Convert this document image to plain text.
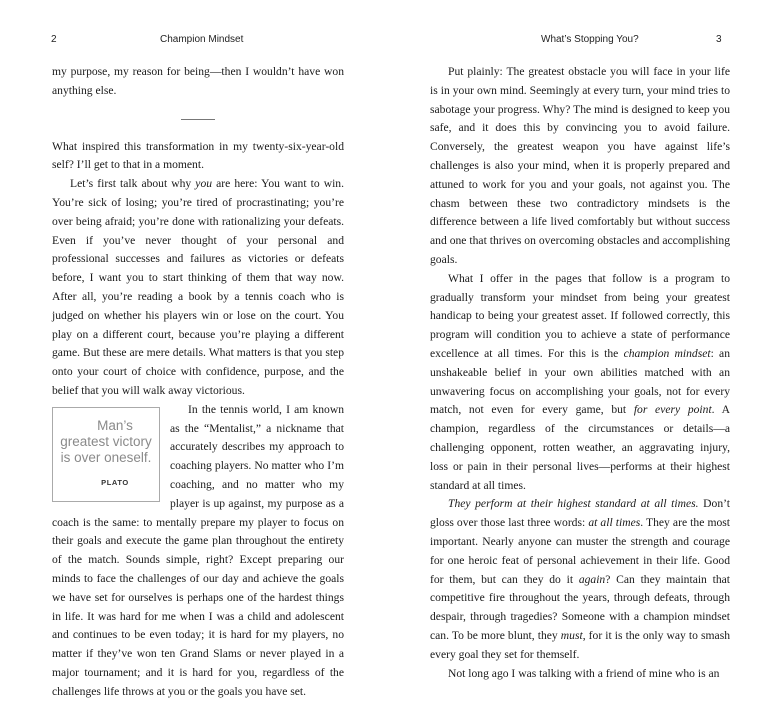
2	Champion Mindset

my purpose, my reason for being—then I wouldn’t have won anything else.

What inspired this transformation in my twenty-six-year-old self? I’ll get to that in a moment.

Let’s first talk about why you are here: You want to win. You’re sick of losing; you’re tired of procrastinating; you’re over being afraid; you’re done with rationalizing your defeats. Even if you’ve never thought of your personal and professional successes and failures as victories or defeats before, I want you to start thinking of them that way now. After all, you’re reading a book by a tennis coach who is judged on whether his players win or lose on the court. You play on a different court, because you’re playing a different game. But these are mere details. What matters is that you step onto your court of choice with confidence, purpose, and the belief that you will walk away victorious.

Man’s greatest victory is over oneself.
PLATO
In the tennis world, I am known as the “Mentalist,” a nickname that accurately describes my approach to coaching players. No matter who I’m coaching, and no matter who my player is up against, my purpose as a coach is the same: to mentally prepare my player to focus on their goals and execute the game plan throughout the entirety of the match. Sounds simple, right? Except preparing our minds to face the challenges of our day and achieve the goals we have set for ourselves is perhaps one of the hardest things in life. It was hard for me when I was a child and adolescent and continues to be even today; it is hard for my players, no matter if they’ve won ten Grand Slams or never played in a major tournament; and it is hard for you, regardless of the challenges life throws at you or the goals you have set.

What’s Stopping You?	3

Put plainly: The greatest obstacle you will face in your life is in your own mind. Seemingly at every turn, your mind tries to sabotage your progress. Why? The mind is designed to keep you safe, and it does this by convincing you to avoid failure. Conversely, the greatest weapon you have against life’s challenges is also your mind, when it is properly prepared and attuned to work for you and your goals, not against you. The chasm between these two contradictory mindsets is the difference between a life lived comfortably but without success and one that thrives on overcoming obstacles and accomplishing goals.

What I offer in the pages that follow is a program to gradually transform your mindset from being your greatest handicap to being your greatest asset. If followed correctly, this program will condition you to achieve a state of performance excellence at all times. For this is the champion mindset: an unshakeable belief in your own abilities matched with an unwavering focus on accomplishing your goals, not for every match, not even for every game, but for every point. A champion, regardless of the circumstances or details—a challenging opponent, rotten weather, an aggravating injury, loss or pain in their personal lives—performs at their highest standard at all times.

They perform at their highest standard at all times. Don’t gloss over those last three words: at all times. They are the most important. Nearly anyone can muster the strength and courage for one heroic feat of personal achievement in their life. Good for them, but can they do it again? Can they maintain that competitive fire throughout the years, through defeats, through despair, through tragedies? Someone with a champion mindset can. To be more blunt, they must, for it is the only way to smash every goal they set for themself.

Not long ago I was talking with a friend of mine who is an
